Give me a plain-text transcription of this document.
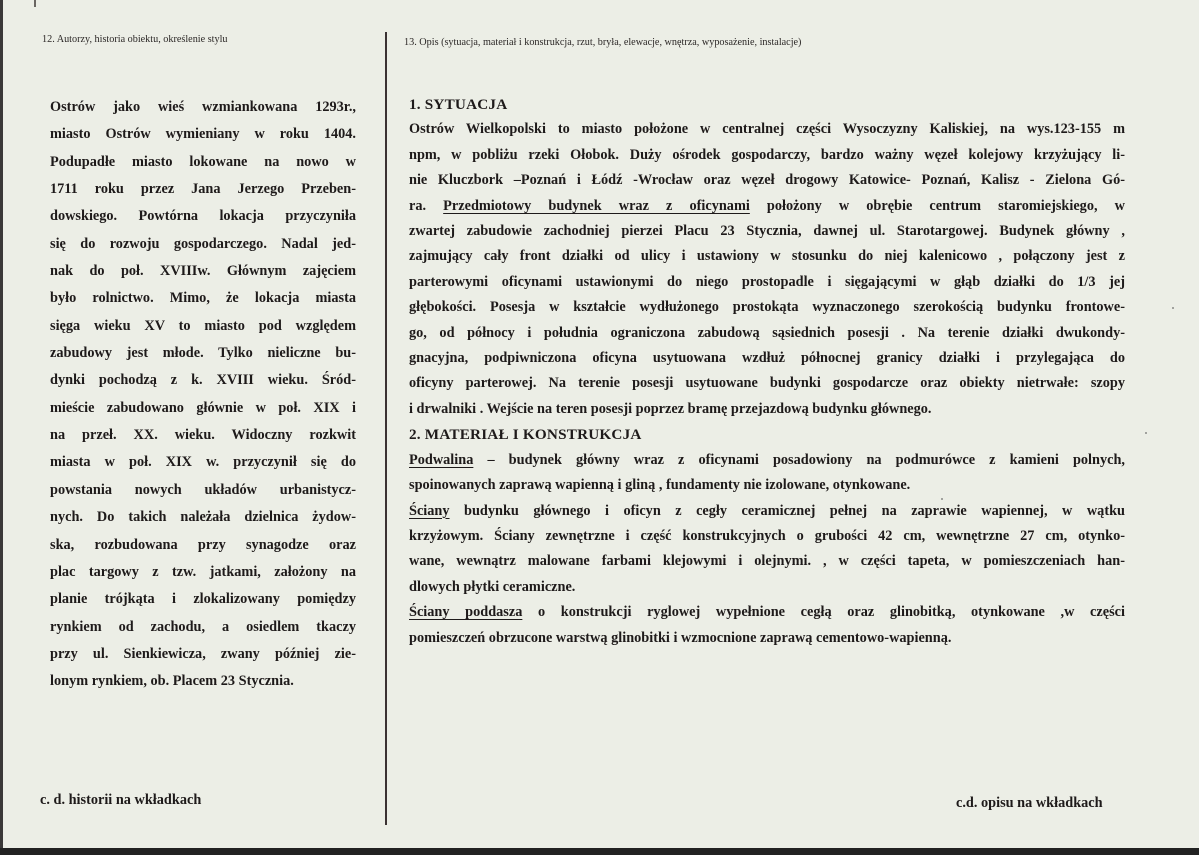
12. Autorzy, historia obiektu, określenie stylu	13. Opis (sytuacja, materiał i konstrukcja, rzut, bryła, elewacje, wnętrza, wyposażenie, instalacje)
Ostrów jako wieś wzmiankowana 1293r.,
miasto Ostrów wymieniany w roku 1404.
Podupadłe miasto lokowane na nowo w
1711 roku przez Jana Jerzego Przeben-
dowskiego. Powtórna lokacja przyczyniła
się do rozwoju gospodarczego. Nadal jed-
nak do poł. XVIIIw. Głównym zajęciem
było rolnictwo. Mimo, że lokacja miasta
sięga wieku XV to miasto pod względem
zabudowy jest młode. Tylko nieliczne bu-
dynki pochodzą z k. XVIII wieku. Śród-
mieście zabudowano głównie w poł. XIX i
na przeł. XX. wieku. Widoczny rozkwit
miasta w poł. XIX w. przyczynił się do
powstania nowych układów urbanistycz-
nych. Do takich należała dzielnica żydow-
ska, rozbudowana przy synagodze oraz
plac targowy z tzw. jatkami, założony na
planie trójkąta i zlokalizowany pomiędzy
rynkiem od zachodu, a osiedlem tkaczy
przy ul. Sienkiewicza, zwany później zie-
lonym rynkiem, ob. Placem 23 Stycznia.
c. d. historii na wkładkach
1. SYTUACJA
Ostrów Wielkopolski to miasto położone w centralnej części Wysoczyzny Kaliskiej, na wys.123-155 m
npm, w pobliżu rzeki Ołobok. Duży ośrodek gospodarczy, bardzo ważny węzeł kolejowy krzyżujący li-
nie Kluczbork –Poznań i Łódź -Wrocław oraz węzeł drogowy Katowice- Poznań, Kalisz - Zielona Gó-
ra. Przedmiotowy budynek wraz z oficynami położony w obrębie centrum staromiejskiego, w
zwartej zabudowie zachodniej pierzei Placu 23 Stycznia, dawnej ul. Starotargowej. Budynek główny ,
zajmujący cały front działki od ulicy i ustawiony w stosunku do niej kalenicowo , połączony jest z
parterowymi oficynami ustawionymi do niego prostopadle i sięgającymi w głąb działki do 1/3 jej
głębokości. Posesja w kształcie wydłużonego prostokąta wyznaczonego szerokością budynku frontowe-
go, od północy i południa ograniczona zabudową sąsiednich posesji . Na terenie działki dwukondy-
gnacyjna, podpiwniczona oficyna usytuowana wzdłuż północnej granicy działki i przylegająca do
oficyny parterowej. Na terenie posesji usytuowane budynki gospodarcze oraz obiekty nietrwałe: szopy
i drwalniki . Wejście na teren posesji poprzez bramę przejazdową budynku głównego.
2. MATERIAŁ I KONSTRUKCJA
Podwalina – budynek główny wraz z oficynami posadowiony na podmurówce z kamieni polnych,
spoinowanych zaprawą wapienną i gliną , fundamenty nie izolowane, otynkowane.
Ściany budynku głównego i oficyn z cegły ceramicznej pełnej na zaprawie wapiennej, w wątku
krzyżowym. Ściany zewnętrzne i część konstrukcyjnych o grubości 42 cm, wewnętrzne 27 cm, otynko-
wane, wewnątrz malowane farbami klejowymi i olejnymi. , w części tapeta, w pomieszczeniach han-
dlowych płytki ceramiczne.
Ściany poddasza o konstrukcji ryglowej wypełnione cegłą oraz glinobitką, otynkowane ,w części
pomieszczeń obrzucone warstwą glinobitki i wzmocnione zaprawą cementowo-wapienną.
c.d. opisu na wkładkach
